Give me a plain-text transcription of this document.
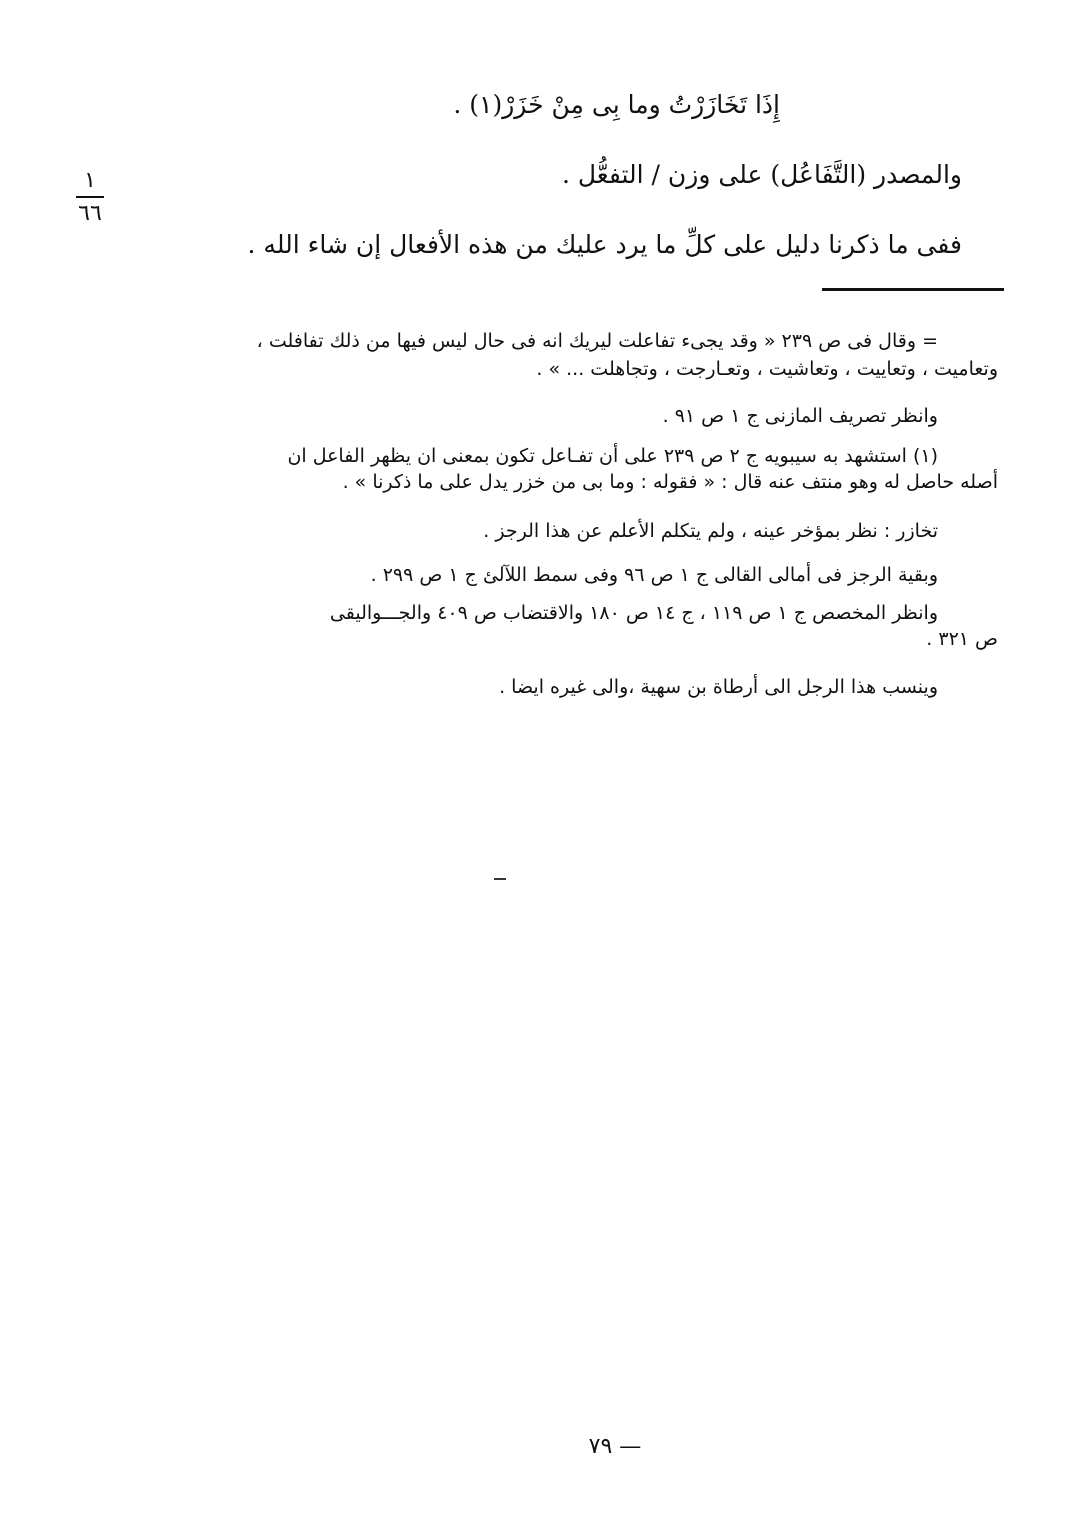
إِذَا تَخَازَرْتُ وما بِى مِنْ خَزَرْ(١) .
والمصدر (التَّفَاعُل) على وزن / التفعُّل .
ففى ما ذكرنا دليل على كلِّ ما يرد عليك من هذه الأفعال إن شاء الله .
١
٦٦
= وقال فى ص ٢٣٩ « وقد يجىء تفاعلت ليريك انه فى حال ليس فيها من ذلك تفافلت ،
وتعاميت ، وتعاييت ، وتعاشيت ، وتعـارجت ، وتجاهلت ... » .
وانظر تصريف المازنى ج ١ ص ٩١ .
(١) استشهد به سيبويه ج ٢ ص ٢٣٩ على أن تفـاعل تكون بمعنى ان يظهر الفاعل ان
أصله حاصل له وهو منتف عنه قال : « فقوله : وما بى من خزر يدل على ما ذكرنا » .
تخازر : نظر بمؤخر عينه ، ولم يتكلم الأعلم عن هذا الرجز .
وبقية الرجز فى أمالى القالى ج ١ ص ٩٦ وفى سمط اللآلئ ج ١ ص ٢٩٩ .
وانظر المخصص ج ١ ص ١١٩ ، ج ١٤ ص ١٨٠ والاقتضاب ص ٤٠٩ والجـــواليقى
ص ٣٢١ .
وينسب هذا الرجل الى أرطاة بن سهية ،والى غيره ايضا .
— ٧٩
